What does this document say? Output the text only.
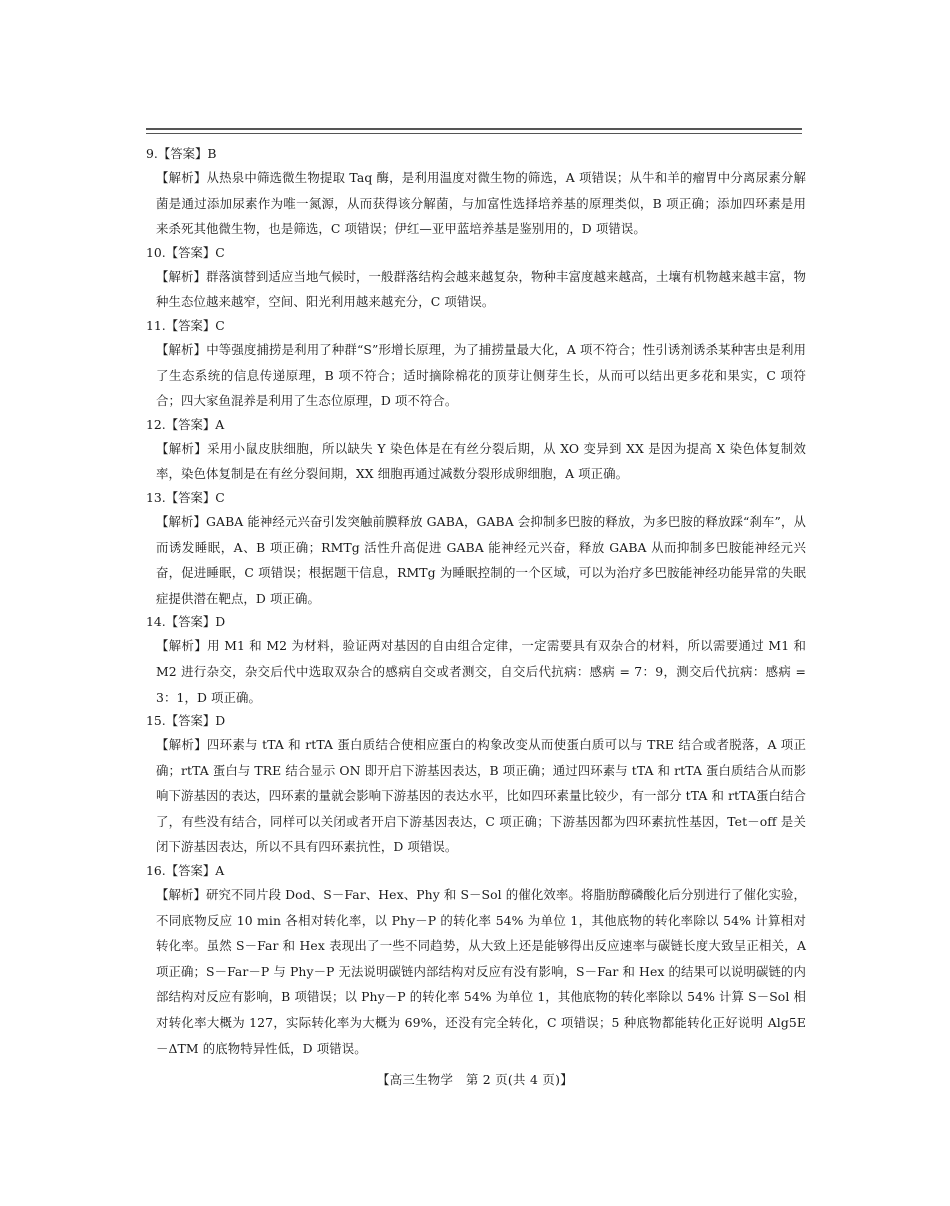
9.【答案】B
【解析】从热泉中筛选微生物提取 Taq 酶，是利用温度对微生物的筛选，A 项错误；从牛和羊的瘤胃中分离尿素分解菌是通过添加尿素作为唯一氮源，从而获得该分解菌，与加富性选择培养基的原理类似，B 项正确；添加四环素是用来杀死其他微生物，也是筛选，C 项错误；伊红—亚甲蓝培养基是鉴别用的，D 项错误。
10.【答案】C
【解析】群落演替到适应当地气候时，一般群落结构会越来越复杂，物种丰富度越来越高，土壤有机物越来越丰富，物种生态位越来越窄，空间、阳光利用越来越充分，C 项错误。
11.【答案】C
【解析】中等强度捕捞是利用了种群“S”形增长原理，为了捕捞量最大化，A 项不符合；性引诱剂诱杀某种害虫是利用了生态系统的信息传递原理，B 项不符合；适时摘除棉花的顶芽让侧芽生长，从而可以结出更多花和果实，C 项符合；四大家鱼混养是利用了生态位原理，D 项不符合。
12.【答案】A
【解析】采用小鼠皮肤细胞，所以缺失 Y 染色体是在有丝分裂后期，从 XO 变异到 XX 是因为提高 X 染色体复制效率，染色体复制是在有丝分裂间期，XX 细胞再通过减数分裂形成卵细胞，A 项正确。
13.【答案】C
【解析】GABA 能神经元兴奋引发突触前膜释放 GABA，GABA 会抑制多巴胺的释放，为多巴胺的释放踩“刹车”，从而诱发睡眠，A、B 项正确；RMTg 活性升高促进 GABA 能神经元兴奋，释放 GABA 从而抑制多巴胺能神经元兴奋，促进睡眠，C 项错误；根据题干信息，RMTg 为睡眠控制的一个区域，可以为治疗多巴胺能神经功能异常的失眠症提供潜在靶点，D 项正确。
14.【答案】D
【解析】用 M1 和 M2 为材料，验证两对基因的自由组合定律，一定需要具有双杂合的材料，所以需要通过 M1 和 M2 进行杂交，杂交后代中选取双杂合的感病自交或者测交，自交后代抗病：感病 = 7：9，测交后代抗病：感病 = 3：1，D 项正确。
15.【答案】D
【解析】四环素与 tTA 和 rtTA 蛋白质结合使相应蛋白的构象改变从而使蛋白质可以与 TRE 结合或者脱落，A 项正确；rtTA 蛋白与 TRE 结合显示 ON 即开启下游基因表达，B 项正确；通过四环素与 tTA 和 rtTA 蛋白质结合从而影响下游基因的表达，四环素的量就会影响下游基因的表达水平，比如四环素量比较少，有一部分 tTA 和 rtTA蛋白结合了，有些没有结合，同样可以关闭或者开启下游基因表达，C 项正确；下游基因都为四环素抗性基因，Tet－off 是关闭下游基因表达，所以不具有四环素抗性，D 项错误。
16.【答案】A
【解析】研究不同片段 Dod、S－Far、Hex、Phy 和 S－Sol 的催化效率。将脂肪醇磷酸化后分别进行了催化实验，不同底物反应 10 min 各相对转化率，以 Phy－P 的转化率 54% 为单位 1，其他底物的转化率除以 54% 计算相对转化率。虽然 S－Far 和 Hex 表现出了一些不同趋势，从大致上还是能够得出反应速率与碳链长度大致呈正相关，A 项正确；S－Far－P 与 Phy－P 无法说明碳链内部结构对反应有没有影响，S－Far 和 Hex 的结果可以说明碳链的内部结构对反应有影响，B 项错误；以 Phy－P 的转化率 54% 为单位 1，其他底物的转化率除以 54% 计算 S－Sol 相对转化率大概为 127，实际转化率为大概为 69%，还没有完全转化，C 项错误；5 种底物都能转化正好说明 Alg5E－ΔTM 的底物特异性低，D 项错误。
【高三生物学　第 2 页(共 4 页)】
